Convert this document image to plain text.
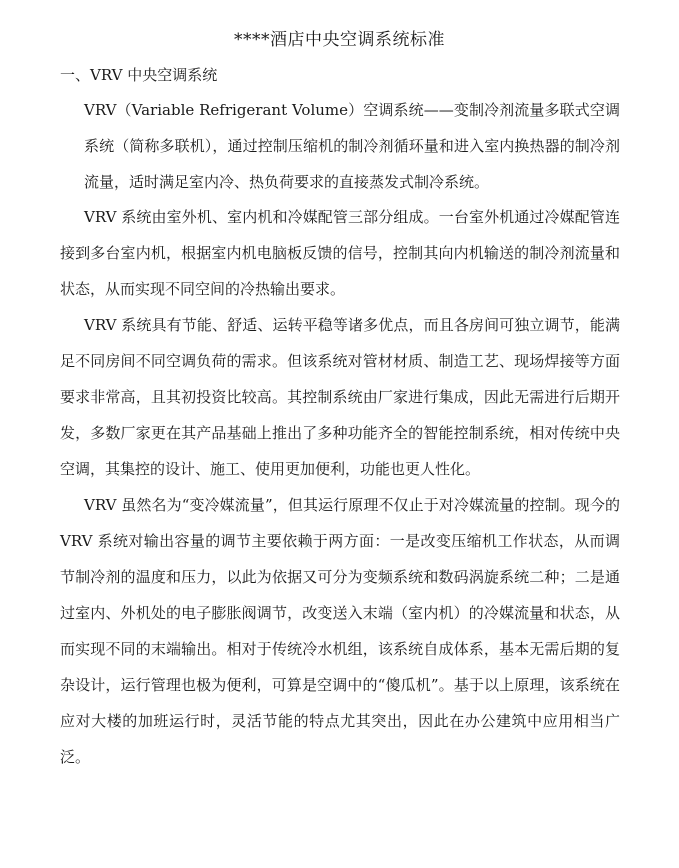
****酒店中央空调系统标准
一、VRV 中央空调系统

VRV（Variable Refrigerant Volume）空调系统——变制冷剂流量多联式空调系统（简称多联机），通过控制压缩机的制冷剂循环量和进入室内换热器的制冷剂流量，适时满足室内冷、热负荷要求的直接蒸发式制冷系统。

VRV 系统由室外机、室内机和冷媒配管三部分组成。一台室外机通过冷媒配管连接到多台室内机，根据室内机电脑板反馈的信号，控制其向内机输送的制冷剂流量和状态，从而实现不同空间的冷热输出要求。

VRV 系统具有节能、舒适、运转平稳等诸多优点，而且各房间可独立调节，能满足不同房间不同空调负荷的需求。但该系统对管材材质、制造工艺、现场焊接等方面要求非常高，且其初投资比较高。其控制系统由厂家进行集成，因此无需进行后期开发，多数厂家更在其产品基础上推出了多种功能齐全的智能控制系统，相对传统中央空调，其集控的设计、施工、使用更加便利，功能也更人性化。

VRV 虽然名为“变冷媒流量”，但其运行原理不仅止于对冷媒流量的控制。现今的 VRV 系统对输出容量的调节主要依赖于两方面：一是改变压缩机工作状态，从而调节制冷剂的温度和压力，以此为依据又可分为变频系统和数码涡旋系统二种；二是通过室内、外机处的电子膨胀阀调节，改变送入末端（室内机）的冷媒流量和状态，从而实现不同的末端输出。相对于传统冷水机组，该系统自成体系，基本无需后期的复杂设计，运行管理也极为便利，可算是空调中的“傻瓜机”。基于以上原理，该系统在应对大楼的加班运行时，灵活节能的特点尤其突出，因此在办公建筑中应用相当广泛。
